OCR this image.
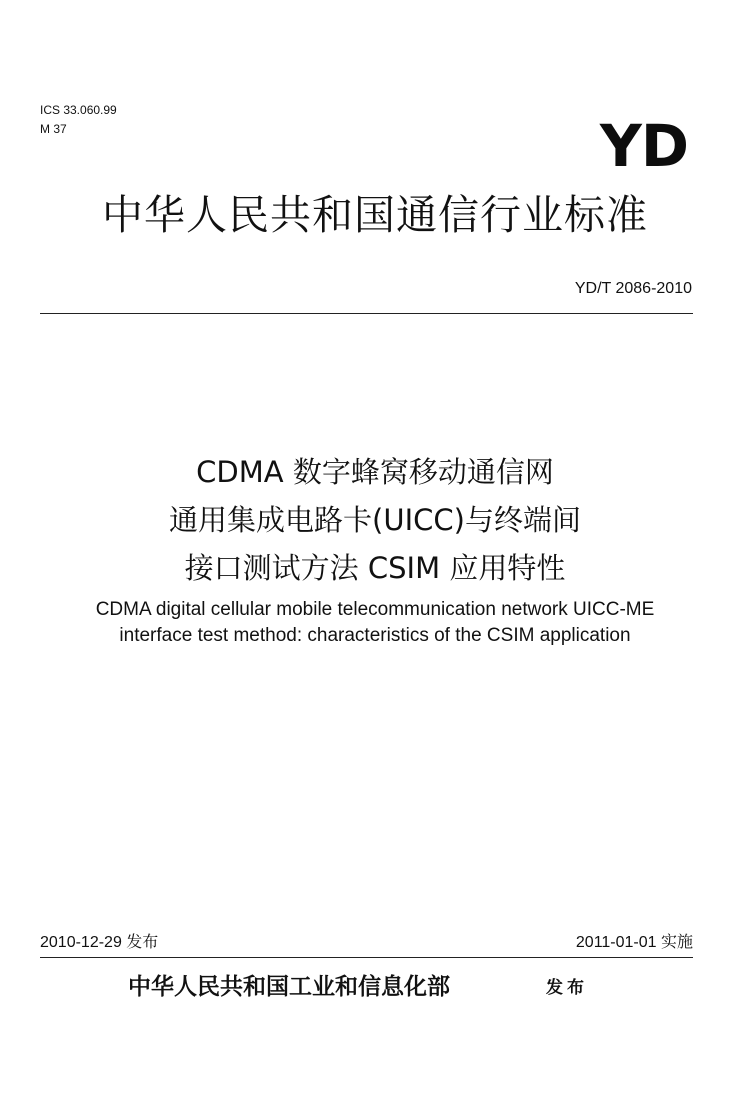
ICS 33.060.99
M 37	YD
中华人民共和国通信行业标准
YD/T 2086-2010
CDMA 数字蜂窝移动通信网
通用集成电路卡(UICC)与终端间
接口测试方法 CSIM 应用特性
CDMA digital cellular mobile telecommunication network UICC-ME
interface test method: characteristics of the CSIM application
2010-12-29 发布	2011-01-01 实施
中华人民共和国工业和信息化部	发布
